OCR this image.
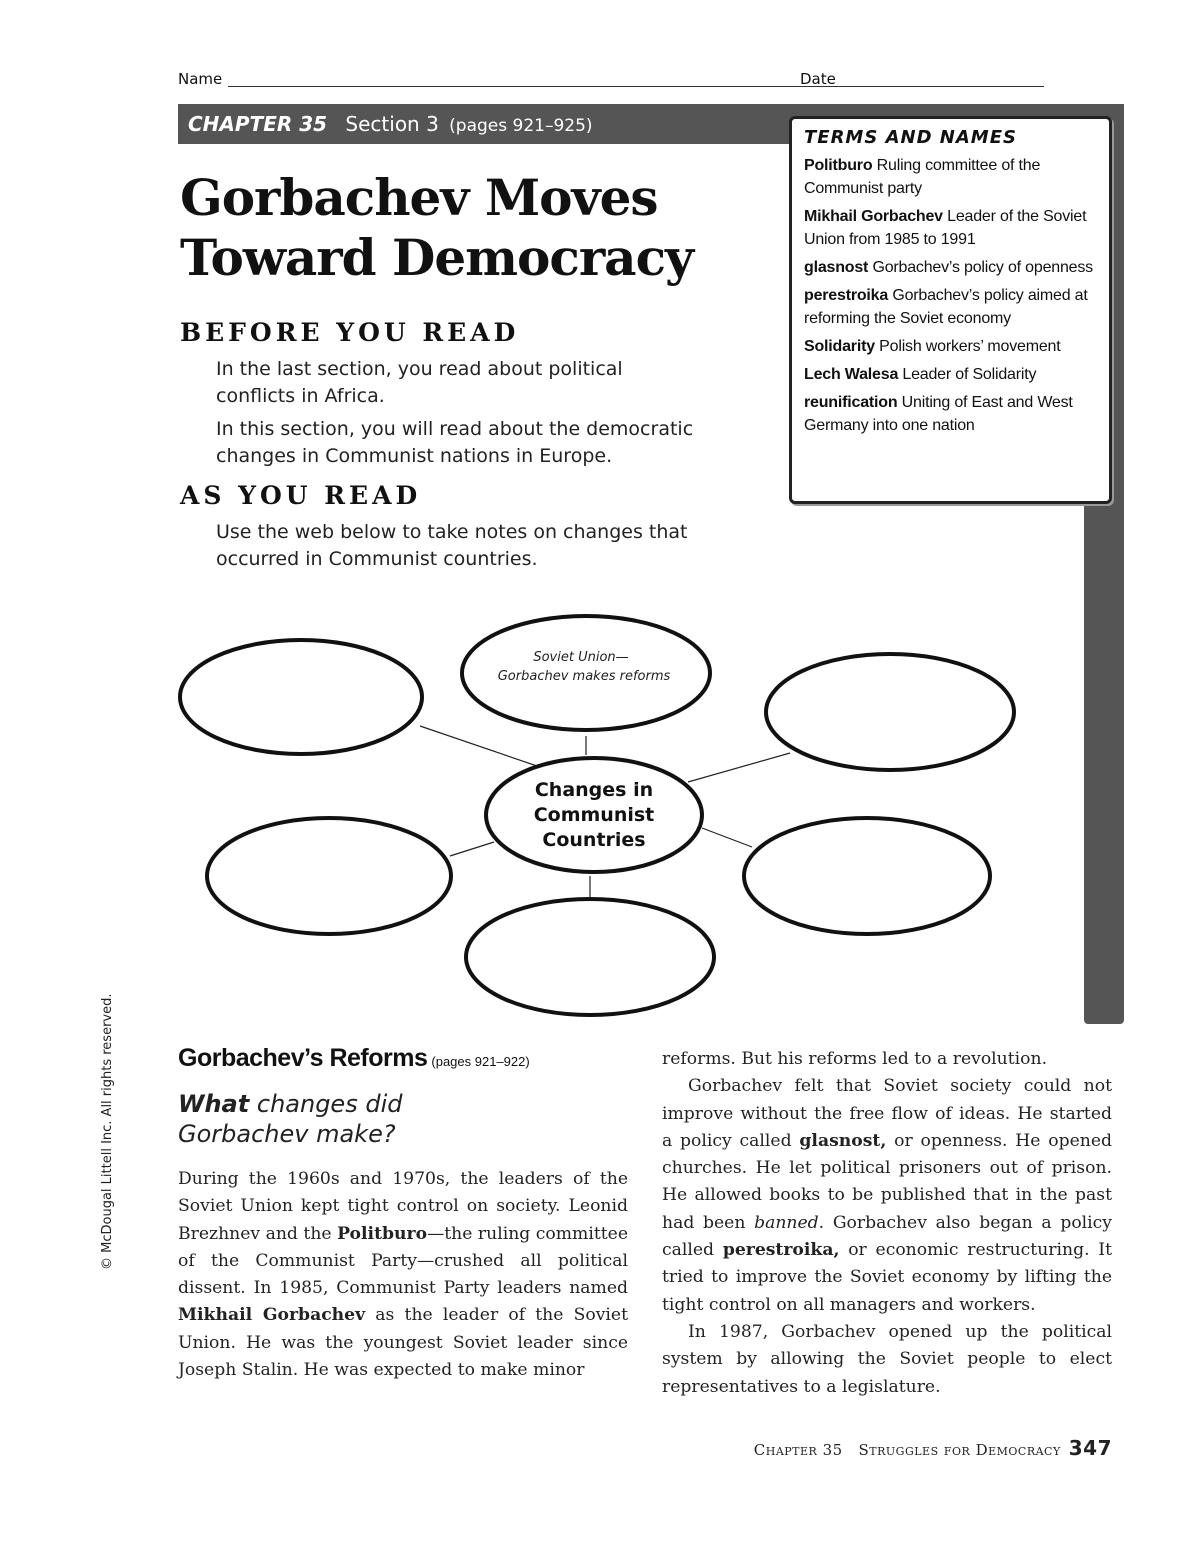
Name	Date
CHAPTER 35 Section 3 (pages 921–925)
TERMS AND NAMES
Politburo Ruling committee of the Communist party
Mikhail Gorbachev Leader of the Soviet Union from 1985 to 1991
glasnost Gorbachev’s policy of openness
perestroika Gorbachev’s policy aimed at reforming the Soviet economy
Solidarity Polish workers’ movement
Lech Walesa Leader of Solidarity
reunification Uniting of East and West Germany into one nation
Gorbachev Moves
Toward Democracy
BEFORE YOU READ
In the last section, you read about political conflicts in Africa.
In this section, you will read about the democratic changes in Communist nations in Europe.
AS YOU READ
Use the web below to take notes on changes that occurred in Communist countries.
Soviet Union—
Gorbachev makes reforms
Changes in
Communist
Countries
© McDougal Littell Inc. All rights reserved.	Gorbachev’s Reforms (pages 921–922)
What changes did Gorbachev make?

During the 1960s and 1970s, the leaders of the Soviet Union kept tight control on society. Leonid Brezhnev and the Politburo—the ruling committee of the Communist Party—crushed all political dissent. In 1985, Communist Party leaders named Mikhail Gorbachev as the leader of the Soviet Union. He was the youngest Soviet leader since Joseph Stalin. He was expected to make minor

reforms. But his reforms led to a revolution.

Gorbachev felt that Soviet society could not improve without the free flow of ideas. He started a policy called glasnost, or openness. He opened churches. He let political prisoners out of prison. He allowed books to be published that in the past had been banned. Gorbachev also began a policy called perestroika, or economic restructuring. It tried to improve the Soviet economy by lifting the tight control on all managers and workers.

In 1987, Gorbachev opened up the political system by allowing the Soviet people to elect representatives to a legislature.

Chapter 35 Struggles for Democracy 347
